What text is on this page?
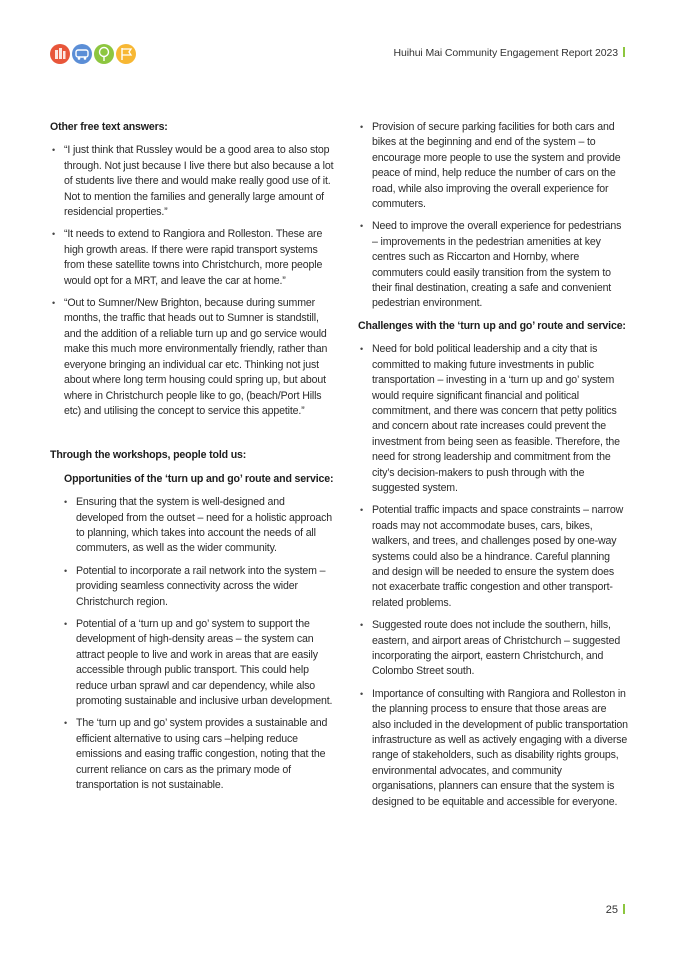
Huihui Mai Community Engagement Report 2023
Other free text answers:
• “I just think that Russley would be a good area to also stop through. Not just because I live there but also because a lot of students live there and would make really good use of it. Not to mention the families and generally large amount of residencial properties.”
• “It needs to extend to Rangiora and Rolleston. These are high growth areas. If there were rapid transport systems from these satellite towns into Christchurch, more people would opt for a MRT, and leave the car at home.”
• “Out to Sumner/New Brighton, because during summer months, the traffic that heads out to Sumner is standstill, and the addition of a reliable turn up and go service would make this much more environmentally friendly, rather than everyone bringing an individual car etc. Thinking not just about where long term housing could spring up, but about where in Christchurch people like to go, (beach/Port Hills etc) and utilising the concept to service this appetite.”
Through the workshops, people told us:
Opportunities of the ‘turn up and go’ route and service:
• Ensuring that the system is well-designed and developed from the outset – need for a holistic approach to planning, which takes into account the needs of all commuters, as well as the wider community.
• Potential to incorporate a rail network into the system – providing seamless connectivity across the wider Christchurch region.
• Potential of a ‘turn up and go’ system to support the development of high-density areas – the system can attract people to live and work in areas that are easily accessible through public transport. This could help reduce urban sprawl and car dependency, while also promoting sustainable and inclusive urban development.
• The ‘turn up and go’ system provides a sustainable and efficient alternative to using cars –helping reduce emissions and easing traffic congestion, noting that the current reliance on cars as the primary mode of transportation is not sustainable.
• Provision of secure parking facilities for both cars and bikes at the beginning and end of the system – to encourage more people to use the system and provide peace of mind, help reduce the number of cars on the road, while also improving the overall experience for commuters.
• Need to improve the overall experience for pedestrians – improvements in the pedestrian amenities at key centres such as Riccarton and Hornby, where commuters could easily transition from the system to their final destination, creating a safe and convenient pedestrian environment.
Challenges with the ‘turn up and go’ route and service:
• Need for bold political leadership and a city that is committed to making future investments in public transportation – investing in a ‘turn up and go’ system would require significant financial and political commitment, and there was concern that petty politics and concern about rate increases could prevent the investment from being seen as feasible. Therefore, the need for strong leadership and commitment from the city’s decision-makers to push through with the suggested system.
• Potential traffic impacts and space constraints – narrow roads may not accommodate buses, cars, bikes, walkers, and trees, and challenges posed by one-way systems could also be a hindrance. Careful planning and design will be needed to ensure the system does not exacerbate traffic congestion and other transport-related problems.
• Suggested route does not include the southern, hills, eastern, and airport areas of Christchurch – suggested incorporating the airport, eastern Christchurch, and Colombo Street south.
• Importance of consulting with Rangiora and Rolleston in the planning process to ensure that those areas are also included in the development of public transportation infrastructure as well as actively engaging with a diverse range of stakeholders, such as disability rights groups, environmental advocates, and community organisations, planners can ensure that the system is designed to be equitable and accessible for everyone.
25
